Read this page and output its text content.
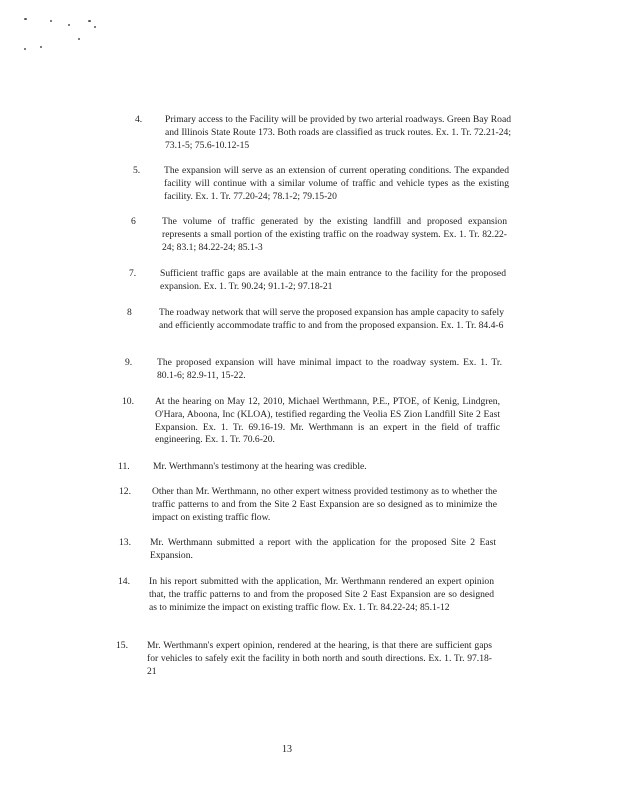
4. Primary access to the Facility will be provided by two arterial roadways. Green Bay Road and Illinois State Route 173. Both roads are classified as truck routes. Ex. 1. Tr. 72.21-24; 73.1-5; 75.6-10.12-15
5. The expansion will serve as an extension of current operating conditions. The expanded facility will continue with a similar volume of traffic and vehicle types as the existing facility. Ex. 1. Tr. 77.20-24; 78.1-2; 79.15-20
6	The volume of traffic generated by the existing landfill and proposed expansion represents a small portion of the existing traffic on the roadway system. Ex. 1. Tr. 82.22-24; 83.1; 84.22-24; 85.1-3
7. Sufficient traffic gaps are available at the main entrance to the facility for the proposed expansion. Ex. 1. Tr. 90.24; 91.1-2; 97.18-21
8	The roadway network that will serve the proposed expansion has ample capacity to safely and efficiently accommodate traffic to and from the proposed expansion. Ex. 1. Tr. 84.4-6
9.	The proposed expansion will have minimal impact to the roadway system. Ex. 1. Tr. 80.1-6; 82.9-11, 15-22.
10. At the hearing on May 12, 2010, Michael Werthmann, P.E., PTOE, of Kenig, Lindgren, O'Hara, Aboona, Inc (KLOA), testified regarding the Veolia ES Zion Landfill Site 2 East Expansion. Ex. 1. Tr. 69.16-19. Mr. Werthmann is an expert in the field of traffic engineering. Ex. 1. Tr. 70.6-20.
11. Mr. Werthmann's testimony at the hearing was credible.
12. Other than Mr. Werthmann, no other expert witness provided testimony as to whether the traffic patterns to and from the Site 2 East Expansion are so designed as to minimize the impact on existing traffic flow.
13. Mr. Werthmann submitted a report with the application for the proposed Site 2 East Expansion.
14. In his report submitted with the application, Mr. Werthmann rendered an expert opinion that, the traffic patterns to and from the proposed Site 2 East Expansion are so designed as to minimize the impact on existing traffic flow. Ex. 1. Tr. 84.22-24; 85.1-12
15. Mr. Werthmann's expert opinion, rendered at the hearing, is that there are sufficient gaps for vehicles to safely exit the facility in both north and south directions. Ex. 1. Tr. 97.18-21
13
